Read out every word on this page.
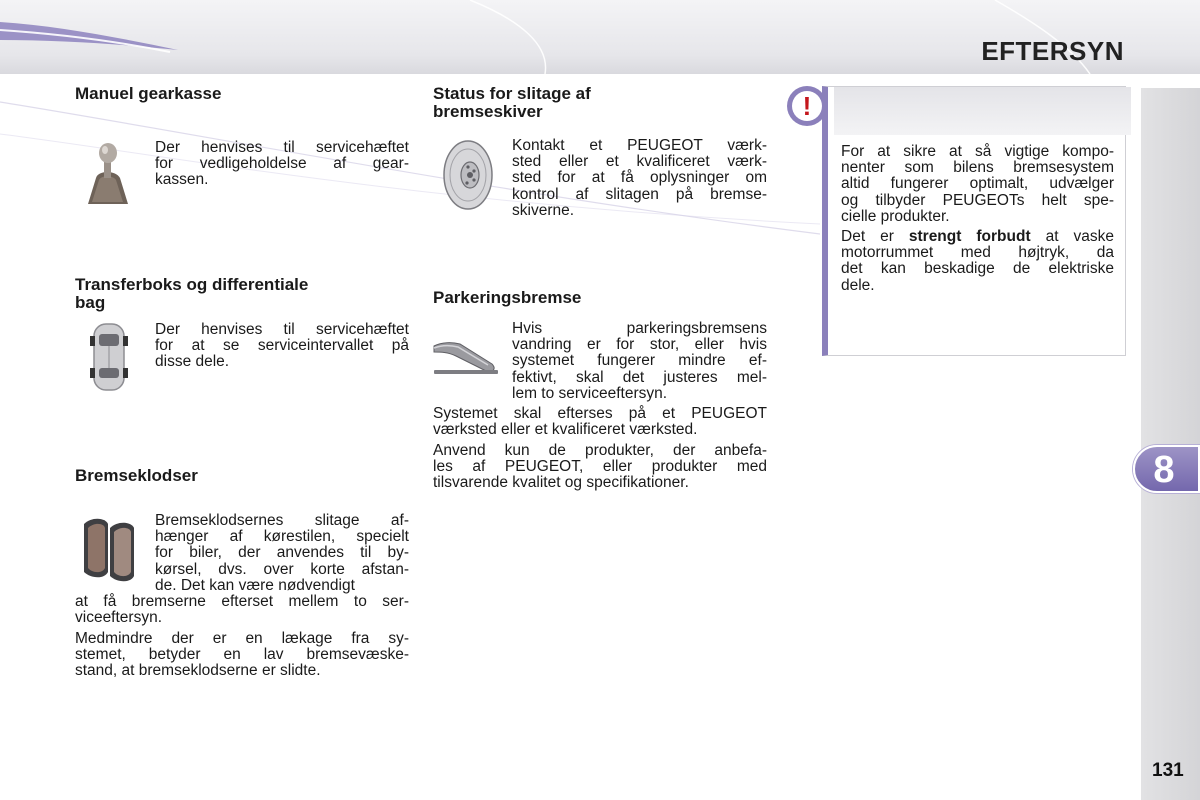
EFTERSYN
8
131
Manuel gearkasse
Der henvises til servicehæftet
for vedligeholdelse af gear-
kassen.
Transferboks og differentiale
bag
Der henvises til servicehæftet
for at se serviceintervallet på
disse dele.
Bremseklodser
Bremseklodsernes slitage af-
hænger af kørestilen, specielt
for biler, der anvendes til by-
kørsel, dvs. over korte afstan-
de. Det kan være nødvendigt
at få bremserne efterset mellem to ser-
viceeftersyn.
Medmindre der er en lækage fra sy-
stemet, betyder en lav bremsevæske-
stand, at bremseklodserne er slidte.
Status for slitage af
bremseskiver
Kontakt et PEUGEOT værk-
sted eller et kvalificeret værk-
sted for at få oplysninger om
kontrol af slitagen på bremse-
skiverne.
Parkeringsbremse
Hvis parkeringsbremsens
vandring er for stor, eller hvis
systemet fungerer mindre ef-
fektivt, skal det justeres mel-
lem to serviceeftersyn.
Systemet skal efterses på et PEUGEOT
værksted eller et kvalificeret værksted.
Anvend kun de produkter, der anbefa-
les af PEUGEOT, eller produkter med
tilsvarende kvalitet og specifikationer.
!
For at sikre at så vigtige kompo-
nenter som bilens bremsesystem
altid fungerer optimalt, udvælger
og tilbyder PEUGEOTs helt spe-
cielle produkter.
Det er strengt forbudt at vaske
motorrummet med højtryk, da
det kan beskadige de elektriske
dele.
